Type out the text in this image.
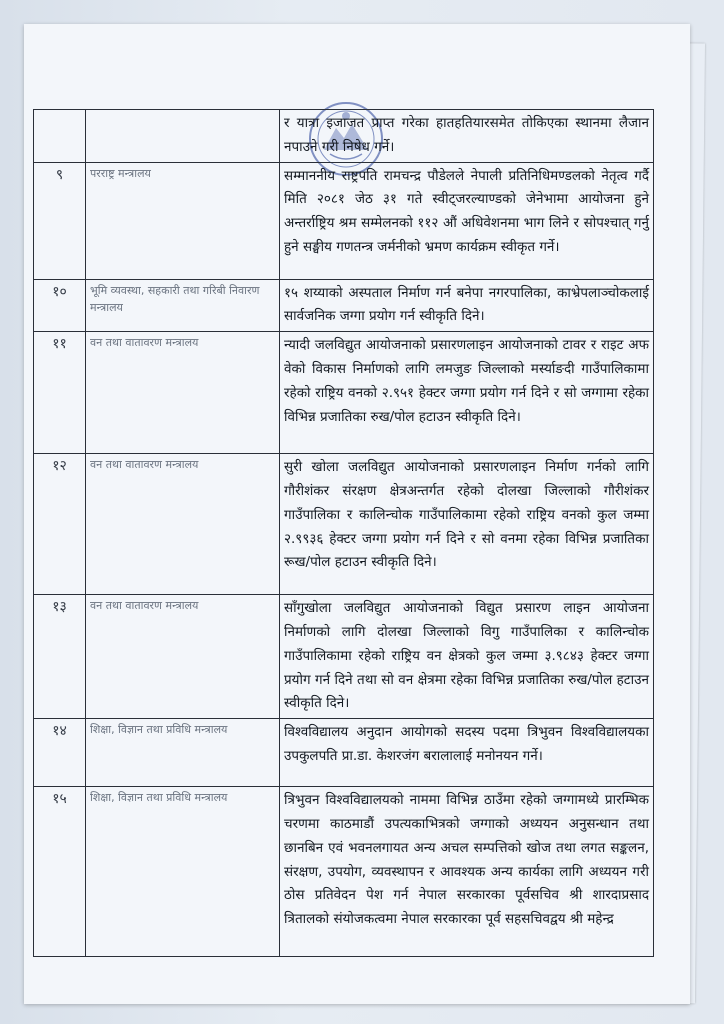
		र यात्रा इजाजत प्राप्त गरेका हातहतियारसमेत तोकिएका स्थानमा लैजान नपाउने गरी निषेध गर्ने।
९	परराष्ट्र मन्त्रालय	सम्माननीय राष्ट्रपति रामचन्द्र पौडेलले नेपाली प्रतिनिधिमण्डलको नेतृत्व गर्दै मिति २०८१ जेठ ३१ गते स्वीट्जरल्याण्डको जेनेभामा आयोजना हुने अन्तर्राष्ट्रिय श्रम सम्मेलनको ११२ औं अधिवेशनमा भाग लिने र सोपश्चात् गर्नु हुने सङ्घीय गणतन्त्र जर्मनीको भ्रमण कार्यक्रम स्वीकृत गर्ने।
१०	भूमि व्यवस्था, सहकारी तथा गरिबी निवारण मन्त्रालय	१५ शय्याको अस्पताल निर्माण गर्न बनेपा नगरपालिका, काभ्रेपलाञ्चोकलाई सार्वजनिक जग्गा प्रयोग गर्न स्वीकृति दिने।
११	वन तथा वातावरण मन्त्रालय	न्यादी जलविद्युत आयोजनाको प्रसारणलाइन आयोजनाको टावर र राइट अफ वेको विकास निर्माणको लागि लमजुङ जिल्लाको मर्स्याङदी गाउँपालिकामा रहेको राष्ट्रिय वनको २.९५१ हेक्टर जग्गा प्रयोग गर्न दिने र सो जग्गामा रहेका विभिन्न प्रजातिका रुख/पोल हटाउन स्वीकृति दिने।
१२	वन तथा वातावरण मन्त्रालय	सुरी खोला जलविद्युत आयोजनाको प्रसारणलाइन निर्माण गर्नको लागि गौरीशंकर संरक्षण क्षेत्रअन्तर्गत रहेको दोलखा जिल्लाको गौरीशंकर गाउँपालिका र कालिन्चोक गाउँपालिकामा रहेको राष्ट्रिय वनको कुल जम्मा २.९९३६ हेक्टर जग्गा प्रयोग गर्न दिने र सो वनमा रहेका विभिन्न प्रजातिका रूख/पोल हटाउन स्वीकृति दिने।
१३	वन तथा वातावरण मन्त्रालय	साँगुखोला जलविद्युत आयोजनाको विद्युत प्रसारण लाइन आयोजना निर्माणको लागि दोलखा जिल्लाको विगु गाउँपालिका र कालिन्चोक गाउँपालिकामा रहेको राष्ट्रिय वन क्षेत्रको कुल जम्मा ३.९८४३ हेक्टर जग्गा प्रयोग गर्न दिने तथा सो वन क्षेत्रमा रहेका विभिन्न प्रजातिका रुख/पोल हटाउन स्वीकृति दिने।
१४	शिक्षा, विज्ञान तथा प्रविधि मन्त्रालय	विश्वविद्यालय अनुदान आयोगको सदस्य पदमा त्रिभुवन विश्वविद्यालयका उपकुलपति प्रा.डा. केशरजंग बरालालाई मनोनयन गर्ने।
१५	शिक्षा, विज्ञान तथा प्रविधि मन्त्रालय	त्रिभुवन विश्वविद्यालयको नाममा विभिन्न ठाउँमा रहेको जग्गामध्ये प्रारम्भिक चरणमा काठमाडौं उपत्यकाभित्रको जग्गाको अध्ययन अनुसन्धान तथा छानबिन एवं भवनलगायत अन्य अचल सम्पत्तिको खोज तथा लगत सङ्कलन, संरक्षण, उपयोग, व्यवस्थापन र आवश्यक अन्य कार्यका लागि अध्ययन गरी ठोस प्रतिवेदन पेश गर्न नेपाल सरकारका पूर्वसचिव श्री शारदाप्रसाद त्रितालको संयोजकत्वमा नेपाल सरकारका पूर्व सहसचिवद्वय श्री महेन्द्र
